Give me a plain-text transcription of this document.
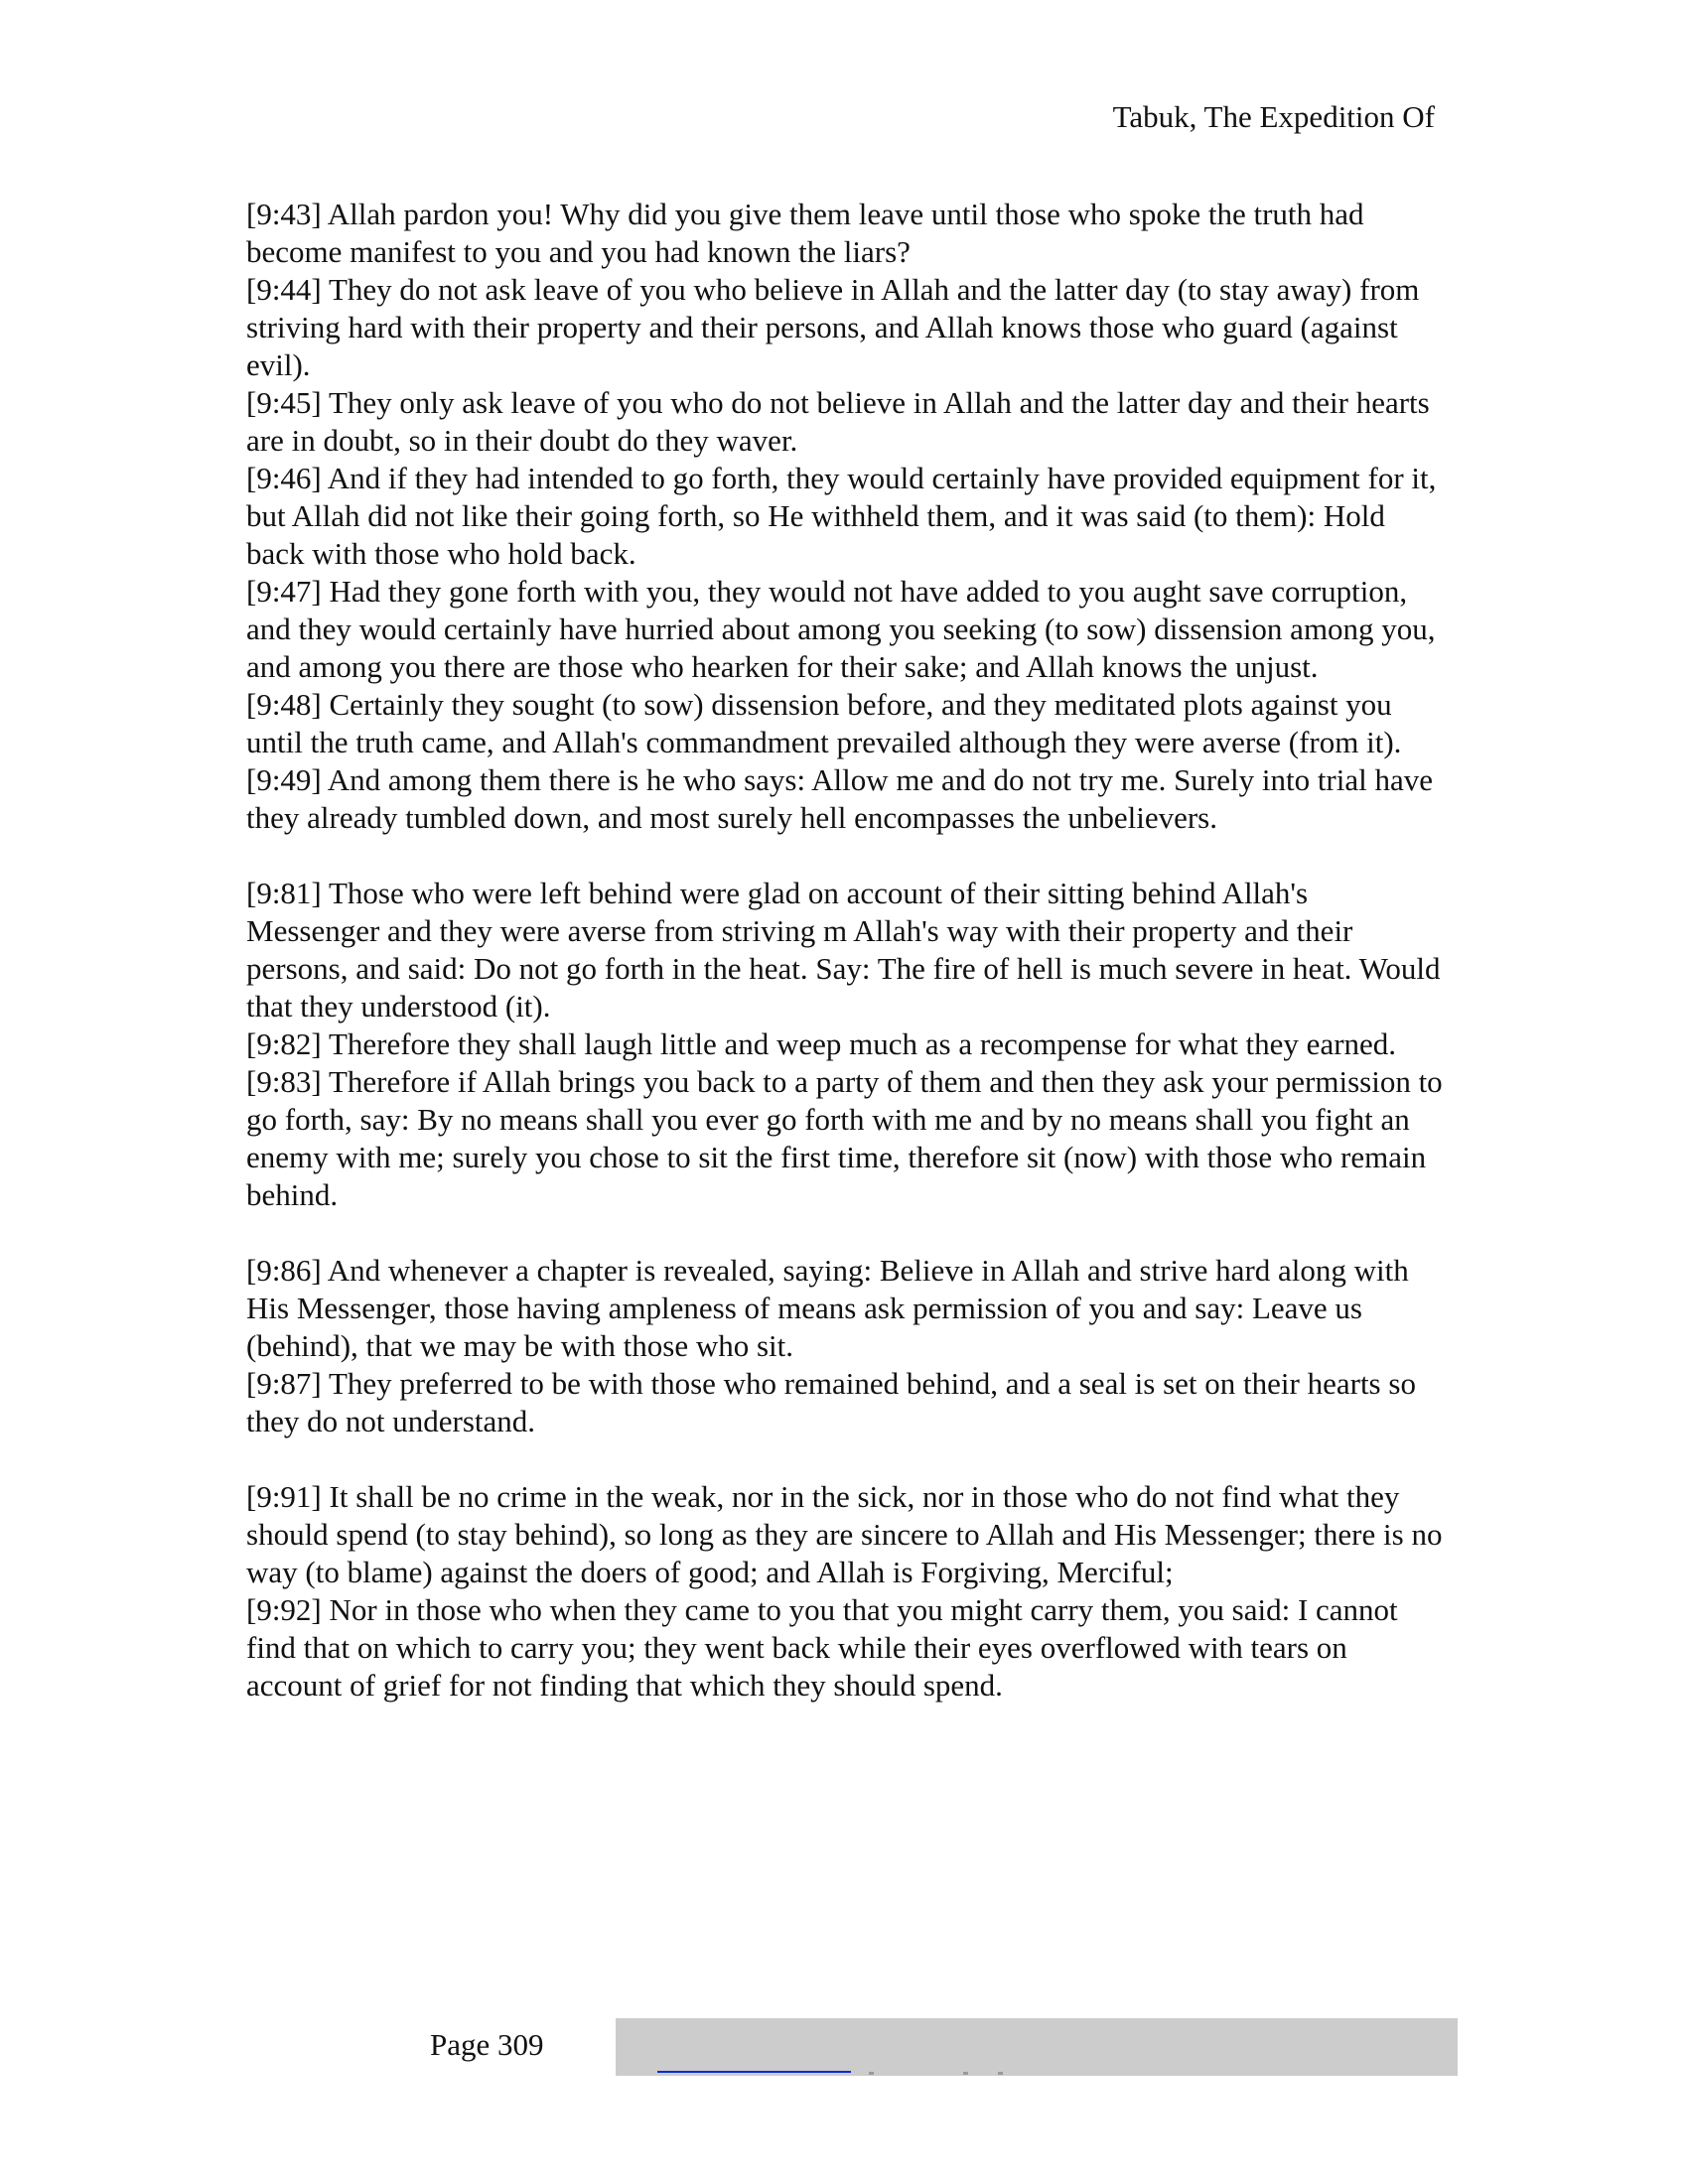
Tabuk, The Expedition Of

[9:43] Allah pardon you! Why did you give them leave until those who spoke the truth had become manifest to you and you had known the liars?

[9:44] They do not ask leave of you who believe in Allah and the latter day (to stay away) from striving hard with their property and their persons, and Allah knows those who guard (against evil).

[9:45] They only ask leave of you who do not believe in Allah and the latter day and their hearts are in doubt, so in their doubt do they waver.

[9:46] And if they had intended to go forth, they would certainly have provided equipment for it, but Allah did not like their going forth, so He withheld them, and it was said (to them): Hold back with those who hold back.

[9:47] Had they gone forth with you, they would not have added to you aught save corruption, and they would certainly have hurried about among you seeking (to sow) dissension among you, and among you there are those who hearken for their sake; and Allah knows the unjust.

[9:48] Certainly they sought (to sow) dissension before, and they meditated plots against you until the truth came, and Allah's commandment prevailed although they were averse (from it).

[9:49] And among them there is he who says: Allow me and do not try me. Surely into trial have they already tumbled down, and most surely hell encompasses the unbelievers.

[9:81] Those who were left behind were glad on account of their sitting behind Allah's Messenger and they were averse from striving m Allah's way with their property and their persons, and said: Do not go forth in the heat. Say: The fire of hell is much severe in heat. Would that they understood (it).

[9:82] Therefore they shall laugh little and weep much as a recompense for what they earned.

[9:83] Therefore if Allah brings you back to a party of them and then they ask your permission to go forth, say: By no means shall you ever go forth with me and by no means shall you fight an enemy with me; surely you chose to sit the first time, therefore sit (now) with those who remain behind.

[9:86] And whenever a chapter is revealed, saying: Believe in Allah and strive hard along with His Messenger, those having ampleness of means ask permission of you and say: Leave us (behind), that we may be with those who sit.

[9:87] They preferred to be with those who remained behind, and a seal is set on their hearts so they do not understand.

[9:91] It shall be no crime in the weak, nor in the sick, nor in those who do not find what they should spend (to stay behind), so long as they are sincere to Allah and His Messenger; there is no way (to blame) against the doers of good; and Allah is Forgiving, Merciful;

[9:92] Nor in those who when they came to you that you might carry them, you said: I cannot find that on which to carry you; they went back while their eyes overflowed with tears on account of grief for not finding that which they should spend.

Page 309
